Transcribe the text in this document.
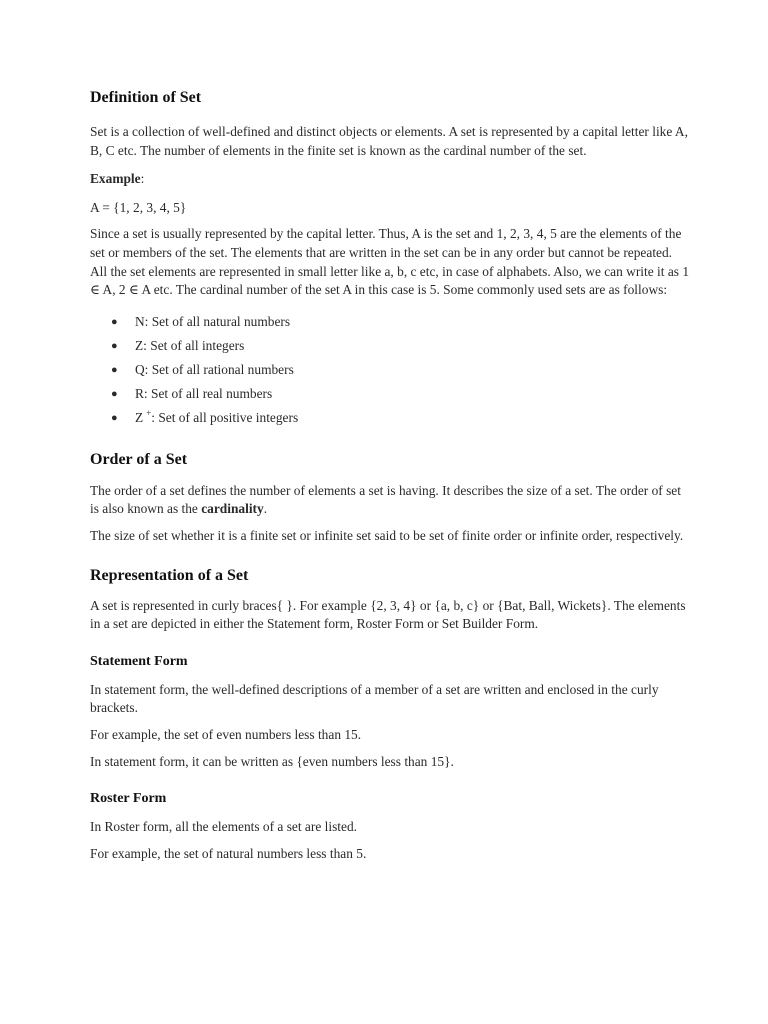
Definition of Set

Set is a collection of well-defined and distinct objects or elements. A set is represented by a capital letter like A, B, C etc. The number of elements in the finite set is known as the cardinal number of the set.

Example:

A = {1, 2, 3, 4, 5}

Since a set is usually represented by the capital letter. Thus, A is the set and 1, 2, 3, 4, 5 are the elements of the set or members of the set. The elements that are written in the set can be in any order but cannot be repeated. All the set elements are represented in small letter like a, b, c etc, in case of alphabets. Also, we can write it as 1 ∈ A, 2 ∈ A etc. The cardinal number of the set A in this case is 5. Some commonly used sets are as follows:

● N: Set of all natural numbers
● Z: Set of all integers
● Q: Set of all rational numbers
● R: Set of all real numbers
● Z +: Set of all positive integers
Order of a Set

The order of a set defines the number of elements a set is having. It describes the size of a set. The order of set is also known as the cardinality.

The size of set whether it is a finite set or infinite set said to be set of finite order or infinite order, respectively.

Representation of a Set

A set is represented in curly braces{ }. For example {2, 3, 4} or {a, b, c} or {Bat, Ball, Wickets}. The elements in a set are depicted in either the Statement form, Roster Form or Set Builder Form.

Statement Form

In statement form, the well-defined descriptions of a member of a set are written and enclosed in the curly brackets.

For example, the set of even numbers less than 15.

In statement form, it can be written as {even numbers less than 15}.

Roster Form

In Roster form, all the elements of a set are listed.

For example, the set of natural numbers less than 5.
